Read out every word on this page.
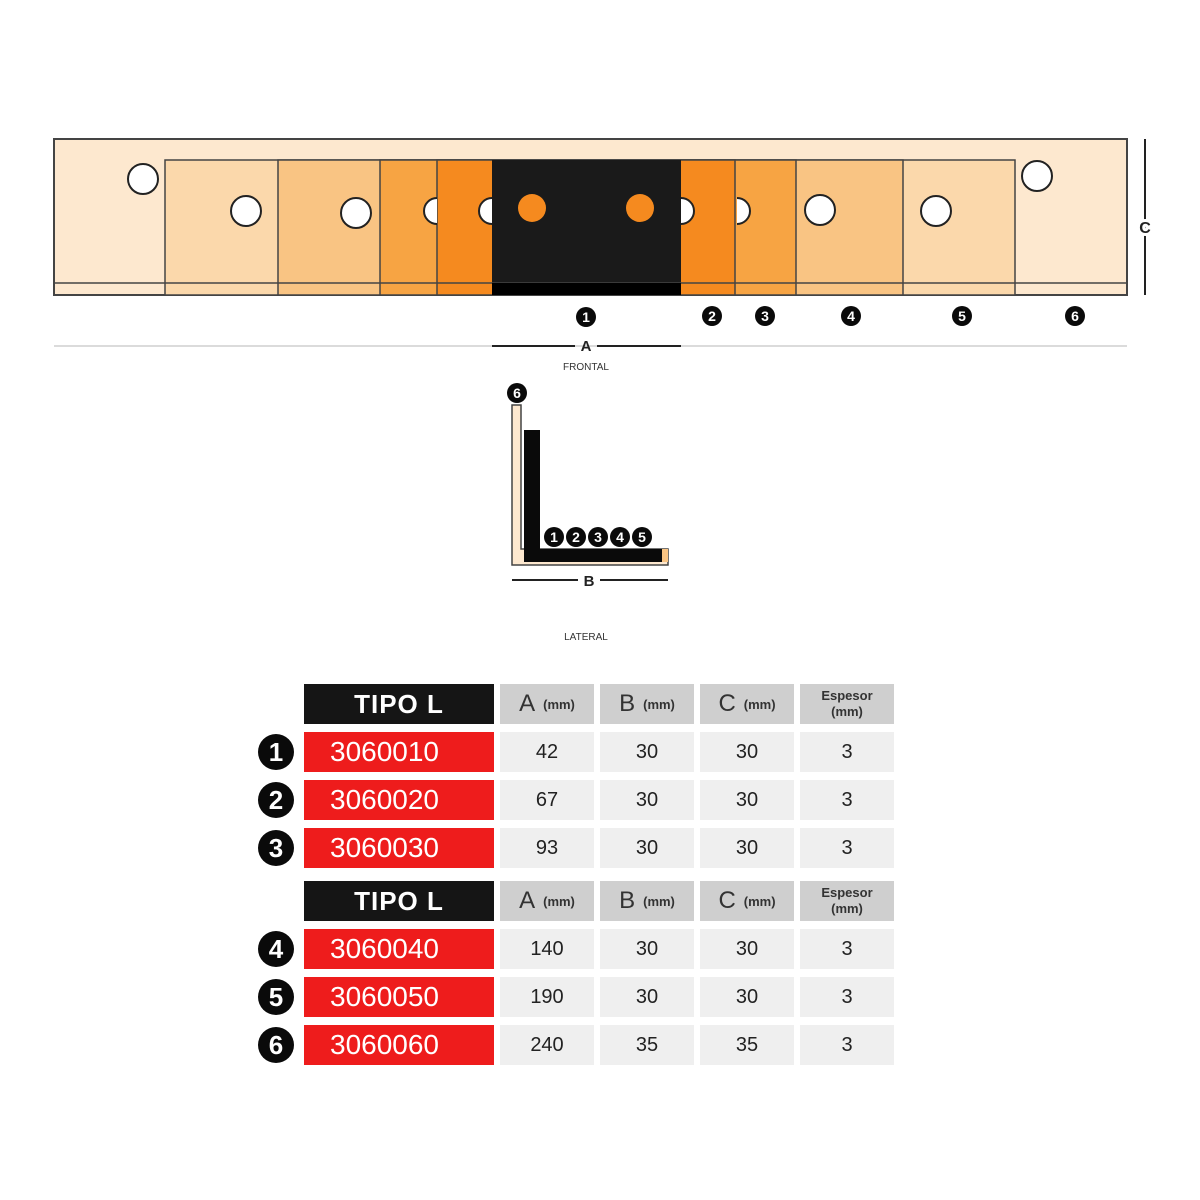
C
1	2	3	4	5	6
A
FRONTAL
6
1 2 3 4 5
B
LATERAL
TIPO L	A (mm) B (mm) C (mm)
Espesor
(mm)
1	3060010	42	30	30	3
2	3060020	67	30	30	3
3	3060030	93	30	30	3
TIPO L	A (mm) B (mm) C (mm)
Espesor
(mm)
4	3060040	140	30	30	3
5	3060050	190	30	30	3
6	3060060	240	35	35	3
